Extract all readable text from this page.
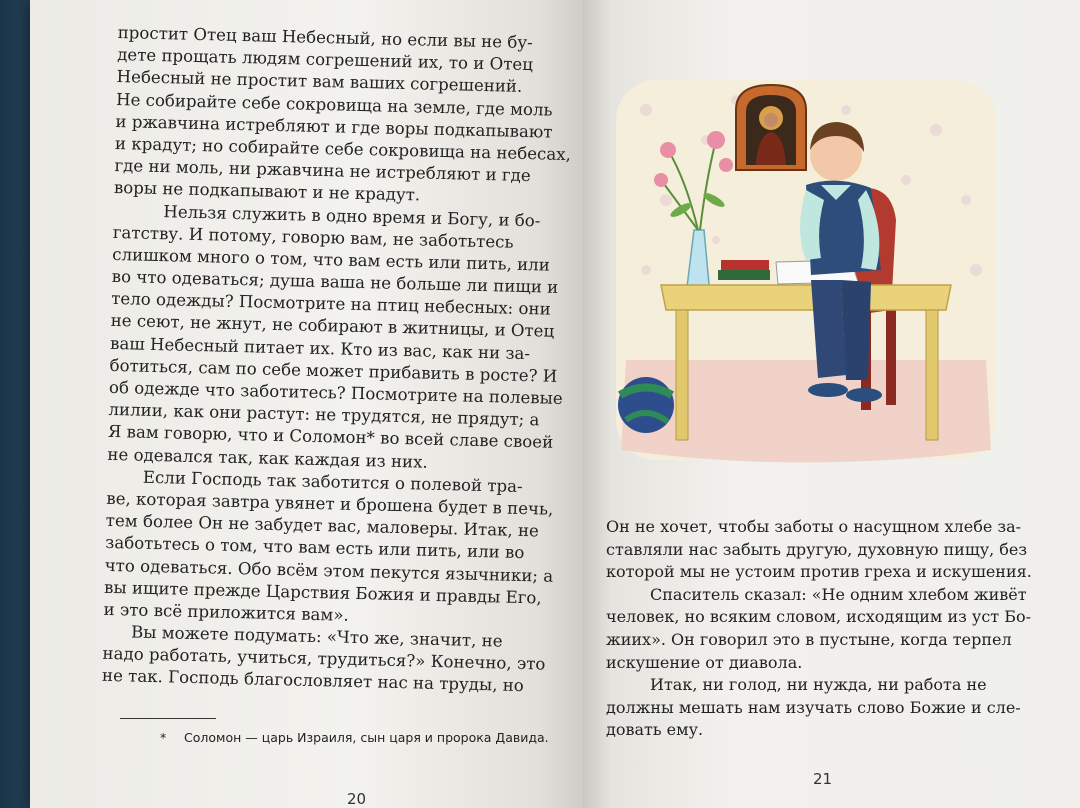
простит Отец ваш Небесный, но если вы не бу-
дете прощать людям согрешений их, то и Отец
Небесный не простит вам ваших согрешений.
Не собирайте себе сокровища на земле, где моль
и ржавчина истребляют и где воры подкапывают
и крадут; но собирайте себе сокровища на небесах,
где ни моль, ни ржавчина не истребляют и где
воры не подкапывают и не крадут.
Нельзя служить в одно время и Богу, и бо-
гатству. И потому, говорю вам, не заботьтесь
слишком много о том, что вам есть или пить, или
во что одеваться; душа ваша не больше ли пищи и
тело одежды? Посмотрите на птиц небесных: они
не сеют, не жнут, не собирают в житницы, и Отец
ваш Небесный питает их. Кто из вас, как ни за-
ботиться, сам по себе может прибавить в росте? И
об одежде что заботитесь? Посмотрите на полевые
лилии, как они растут: не трудятся, не прядут; а
Я вам говорю, что и Соломон* во всей славе своей
не одевался так, как каждая из них.
Если Господь так заботится о полевой тра-
ве, которая завтра увянет и брошена будет в печь,
тем более Он не забудет вас, маловеры. Итак, не
заботьтесь о том, что вам есть или пить, или во
что одеваться. Обо всём этом пекутся язычники; а
вы ищите прежде Царствия Божия и правды Его,
и это всё приложится вам».
Вы можете подумать: «Что же, значит, не
надо работать, учиться, трудиться?» Конечно, это
не так. Господь благословляет нас на труды, но
* Соломон — царь Израиля, сын царя и пророка Давида.
20
Он не хочет, чтобы заботы о насущном хлебе за-
ставляли нас забыть другую, духовную пищу, без
которой мы не устоим против греха и искушения.
Спаситель сказал: «Не одним хлебом живёт
человек, но всяким словом, исходящим из уст Бо-
жиих». Он говорил это в пустыне, когда терпел
искушение от диавола.
Итак, ни голод, ни нужда, ни работа не
должны мешать нам изучать слово Божие и сле-
довать ему.
21
